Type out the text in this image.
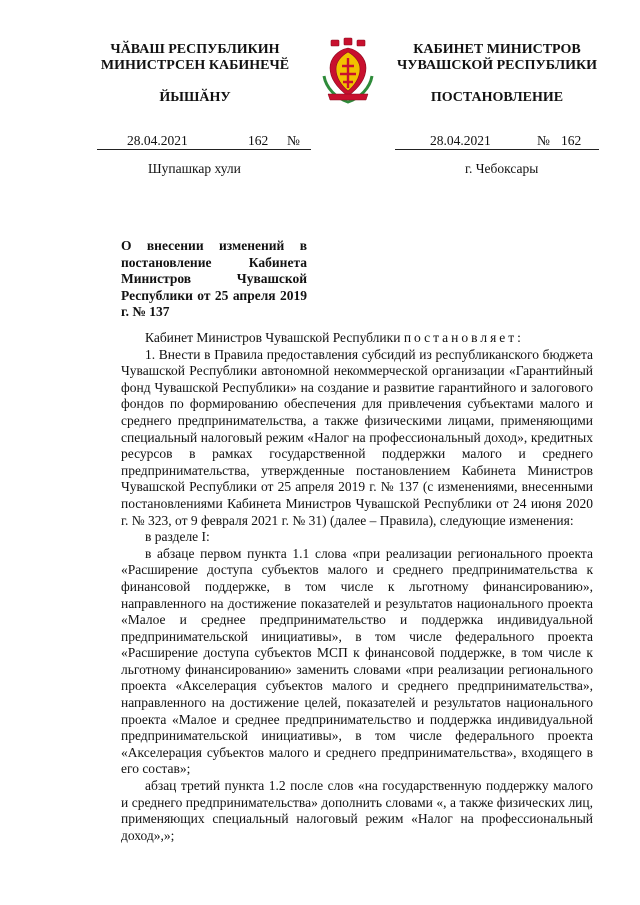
ЧӐВАШ РЕСПУБЛИКИН
МИНИСТРСЕН КАБИНЕЧӖ
ЙЫШӐНУ
КАБИНЕТ МИНИСТРОВ
ЧУВАШСКОЙ РЕСПУБЛИКИ
ПОСТАНОВЛЕНИЕ
28.04.2021	162 №	28.04.2021	№ 162
Шупашкар хули	г. Чебоксары
О внесении изменений в постановление Кабинета Министров Чувашской Республики от 25 апреля 2019 г. № 137

Кабинет Министров Чувашской Республики постановляет:

1. Внести в Правила предоставления субсидий из республиканского бюджета Чувашской Республики автономной некоммерческой организации «Гарантийный фонд Чувашской Республики» на создание и развитие гарантийного и залогового фондов по формированию обеспечения для привлечения субъектами малого и среднего предпринимательства, а также физическими лицами, применяющими специальный налоговый режим «Налог на профессиональный доход», кредитных ресурсов в рамках государственной поддержки малого и среднего предпринимательства, утвержденные постановлением Кабинета Министров Чувашской Республики от 25 апреля 2019 г. № 137 (с изменениями, внесенными постановлениями Кабинета Министров Чувашской Республики от 24 июня 2020 г. № 323, от 9 февраля 2021 г. № 31) (далее – Правила), следующие изменения:

в разделе I:

в абзаце первом пункта 1.1 слова «при реализации регионального проекта «Расширение доступа субъектов малого и среднего предпринимательства к финансовой поддержке, в том числе к льготному финансированию», направленного на достижение показателей и результатов национального проекта «Малое и среднее предпринимательство и поддержка индивидуальной предпринимательской инициативы», в том числе федерального проекта «Расширение доступа субъектов МСП к финансовой поддержке, в том числе к льготному финансированию» заменить словами «при реализации регионального проекта «Акселерация субъектов малого и среднего предпринимательства», направленного на достижение целей, показателей и результатов национального проекта «Малое и среднее предпринимательство и поддержка индивидуальной предпринимательской инициативы», в том числе федерального проекта «Акселерация субъектов малого и среднего предпринимательства», входящего в его состав»;

абзац третий пункта 1.2 после слов «на государственную поддержку малого и среднего предпринимательства» дополнить словами «, а также физических лиц, применяющих специальный налоговый режим «Налог на профессиональный доход»,»;
